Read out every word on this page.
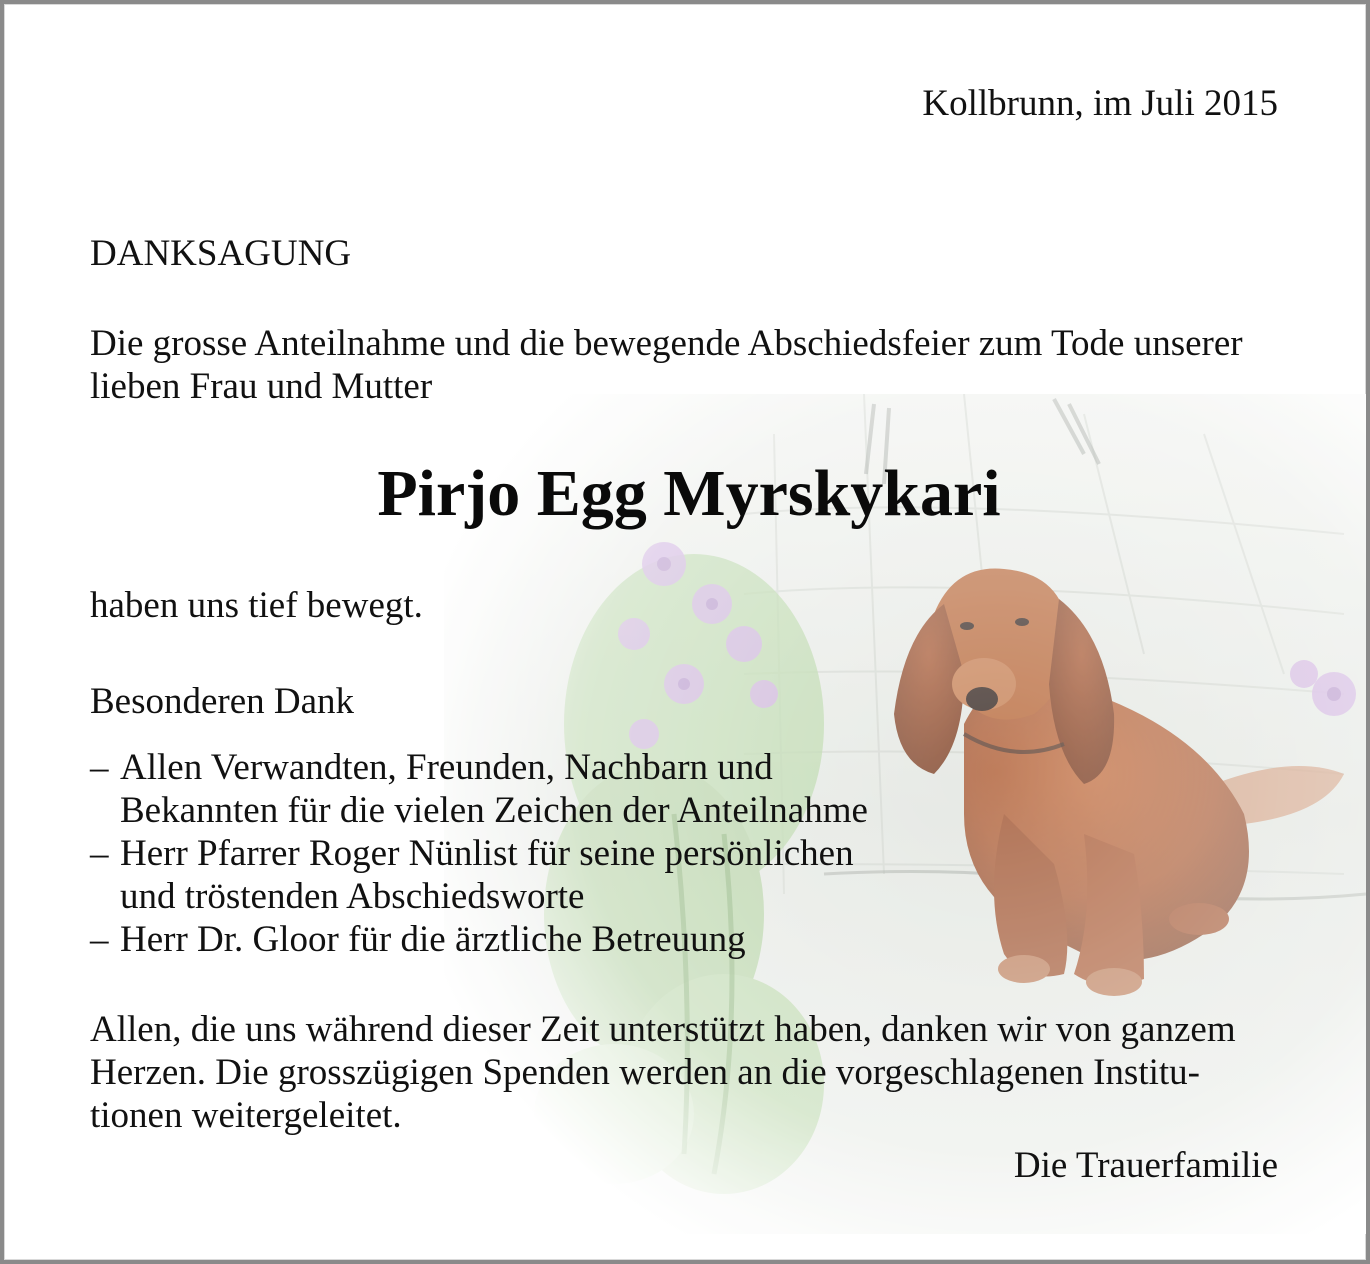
Kollbrunn, im Juli 2015
DANKSAGUNG
Die grosse Anteilnahme und die bewegende Abschiedsfeier zum Tode unserer
lieben Frau und Mutter
Pirjo Egg Myrskykari
haben uns tief bewegt.
Besonderen Dank
– Allen Verwandten, Freunden, Nachbarn und
Bekannten für die vielen Zeichen der Anteilnahme
– Herr Pfarrer Roger Nünlist für seine persönlichen
und tröstenden Abschiedsworte
– Herr Dr. Gloor für die ärztliche Betreuung
Allen, die uns während dieser Zeit unterstützt haben, danken wir von ganzem
Herzen. Die grosszügigen Spenden werden an die vorgeschlagenen Institu-
tionen weitergeleitet.
Die Trauerfamilie
